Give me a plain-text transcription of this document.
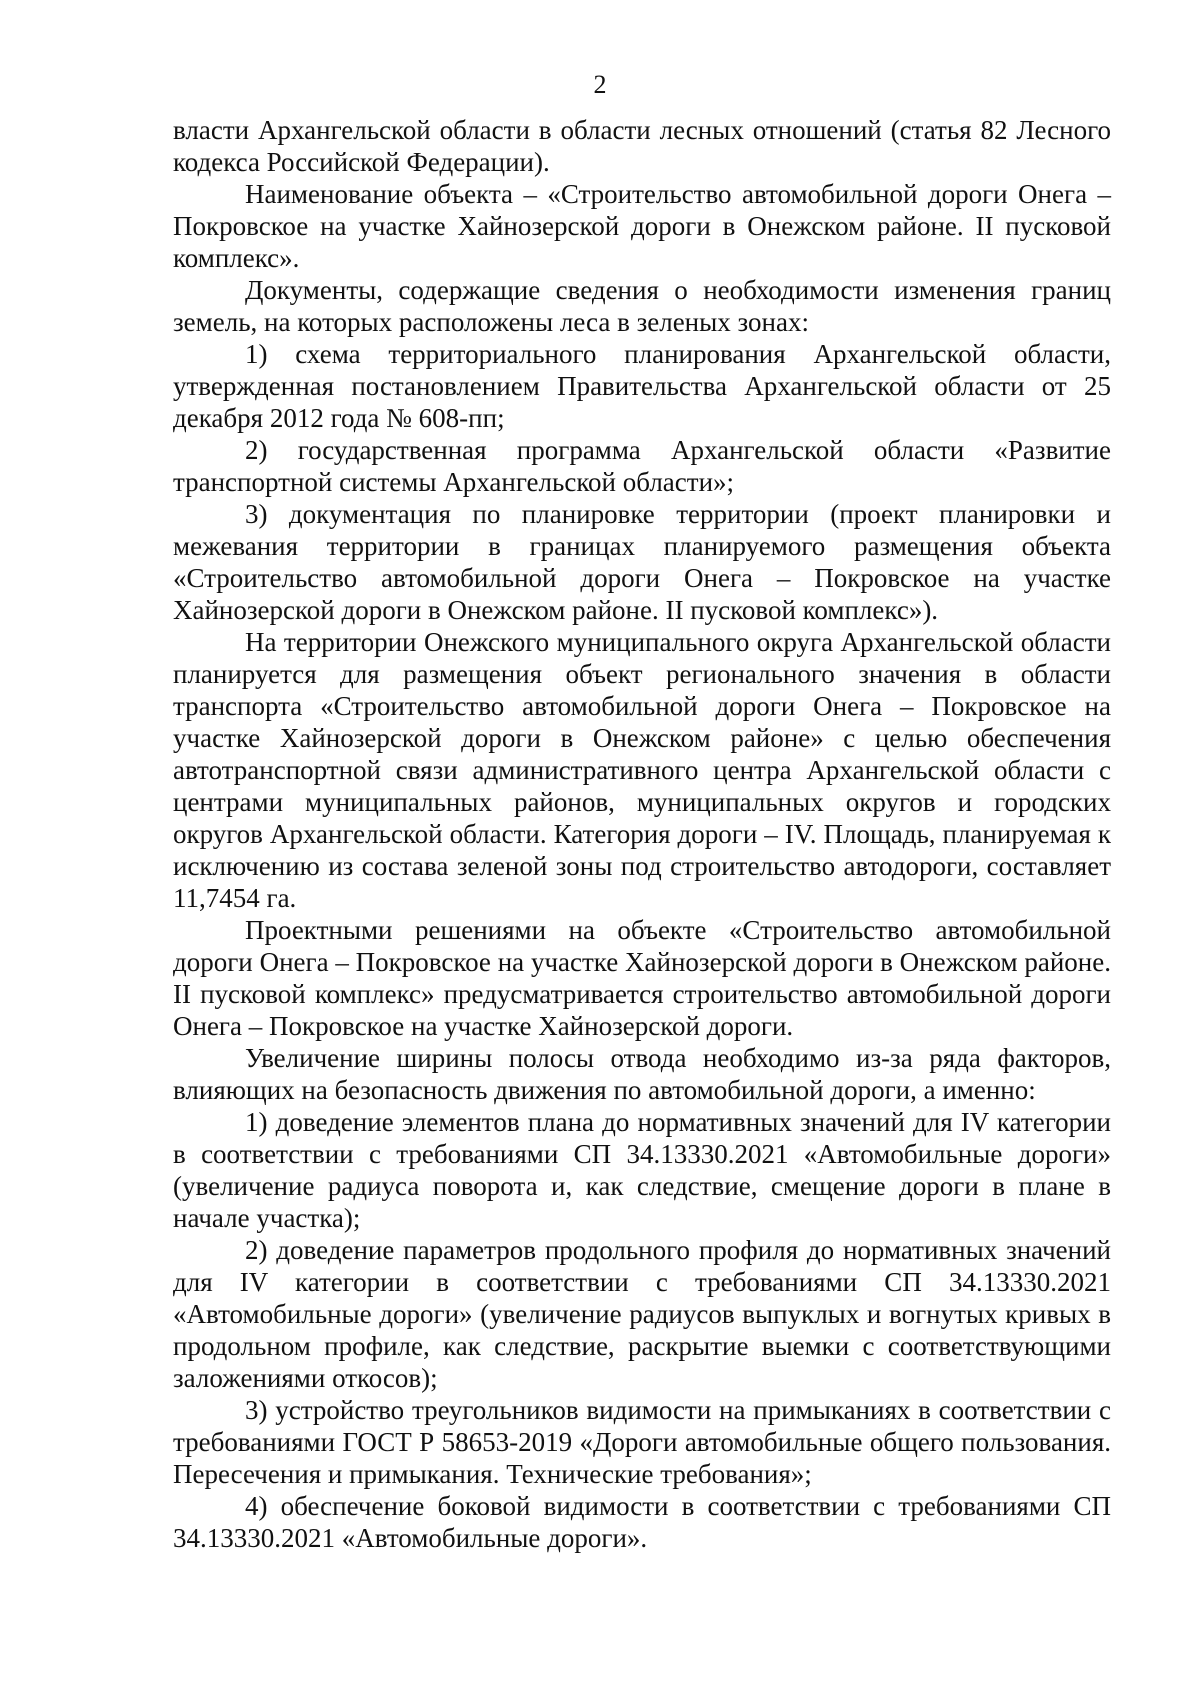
2

власти Архангельской области в области лесных отношений (статья 82 Лесного кодекса Российской Федерации).

Наименование объекта – «Строительство автомобильной дороги Онега – Покровское на участке Хайнозерской дороги в Онежском районе. II пусковой комплекс».

Документы, содержащие сведения о необходимости изменения границ земель, на которых расположены леса в зеленых зонах:

1) схема территориального планирования Архангельской области, утвержденная постановлением Правительства Архангельской области от 25 декабря 2012 года № 608-пп;

2) государственная программа Архангельской области «Развитие транспортной системы Архангельской области»;

3) документация по планировке территории (проект планировки и межевания территории в границах планируемого размещения объекта «Строительство автомобильной дороги Онега – Покровское на участке Хайнозерской дороги в Онежском районе. II пусковой комплекс»).

На территории Онежского муниципального округа Архангельской области планируется для размещения объект регионального значения в области транспорта «Строительство автомобильной дороги Онега – Покровское на участке Хайнозерской дороги в Онежском районе» с целью обеспечения автотранспортной связи административного центра Архангельской области с центрами муниципальных районов, муниципальных округов и городских округов Архангельской области. Категория дороги – IV. Площадь, планируемая к исключению из состава зеленой зоны под строительство автодороги, составляет 11,7454 га.

Проектными решениями на объекте «Строительство автомобильной дороги Онега – Покровское на участке Хайнозерской дороги в Онежском районе. II пусковой комплекс» предусматривается строительство автомобильной дороги Онега – Покровское на участке Хайнозерской дороги.

Увеличение ширины полосы отвода необходимо из-за ряда факторов, влияющих на безопасность движения по автомобильной дороги, а именно:

1) доведение элементов плана до нормативных значений для IV категории в соответствии с требованиями СП 34.13330.2021 «Автомобильные дороги» (увеличение радиуса поворота и, как следствие, смещение дороги в плане в начале участка);

2) доведение параметров продольного профиля до нормативных значений для IV категории в соответствии с требованиями СП 34.13330.2021 «Автомобильные дороги» (увеличение радиусов выпуклых и вогнутых кривых в продольном профиле, как следствие, раскрытие выемки с соответствующими заложениями откосов);

3) устройство треугольников видимости на примыканиях в соответствии с требованиями ГОСТ Р 58653-2019 «Дороги автомобильные общего пользования. Пересечения и примыкания. Технические требования»;

4) обеспечение боковой видимости в соответствии с требованиями СП 34.13330.2021 «Автомобильные дороги».
